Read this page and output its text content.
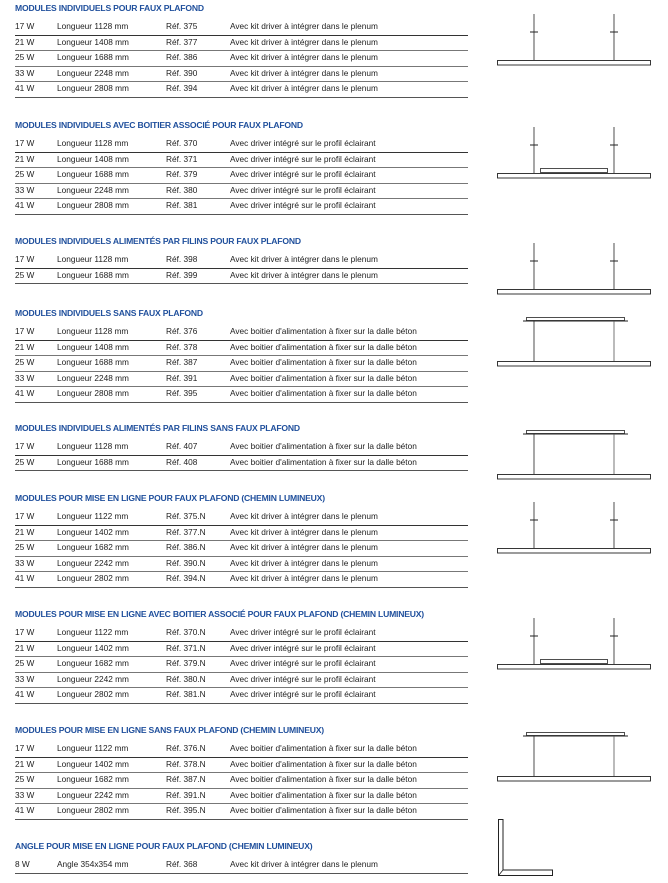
MODULES INDIVIDUELS POUR FAUX PLAFOND
17 W	Longueur 1128 mm	Réf. 375	Avec kit driver à intégrer dans le plenum
21 W	Longueur 1408 mm	Réf. 377	Avec kit driver à intégrer dans le plenum
25 W	Longueur 1688 mm	Réf. 386	Avec kit driver à intégrer dans le plenum
33 W	Longueur 2248 mm	Réf. 390	Avec kit driver à intégrer dans le plenum
41 W	Longueur 2808 mm	Réf. 394	Avec kit driver à intégrer dans le plenum
MODULES INDIVIDUELS AVEC BOITIER ASSOCIÉ POUR FAUX PLAFOND
17 W	Longueur 1128 mm	Réf. 370	Avec driver intégré sur le profil éclairant
21 W	Longueur 1408 mm	Réf. 371	Avec driver intégré sur le profil éclairant
25 W	Longueur 1688 mm	Réf. 379	Avec driver intégré sur le profil éclairant
33 W	Longueur 2248 mm	Réf. 380	Avec driver intégré sur le profil éclairant
41 W	Longueur 2808 mm	Réf. 381	Avec driver intégré sur le profil éclairant
MODULES INDIVIDUELS ALIMENTÉS PAR FILINS POUR FAUX PLAFOND
17 W	Longueur 1128 mm	Réf. 398	Avec kit driver à intégrer dans le plenum
25 W	Longueur 1688 mm	Réf. 399	Avec kit driver à intégrer dans le plenum
MODULES INDIVIDUELS SANS FAUX PLAFOND
17 W	Longueur 1128 mm	Réf. 376	Avec boitier d'alimentation à fixer sur la dalle béton
21 W	Longueur 1408 mm	Réf. 378	Avec boitier d'alimentation à fixer sur la dalle béton
25 W	Longueur 1688 mm	Réf. 387	Avec boitier d'alimentation à fixer sur la dalle béton
33 W	Longueur 2248 mm	Réf. 391	Avec boitier d'alimentation à fixer sur la dalle béton
41 W	Longueur 2808 mm	Réf. 395	Avec boitier d'alimentation à fixer sur la dalle béton
MODULES INDIVIDUELS ALIMENTÉS PAR FILINS SANS FAUX PLAFOND
17 W	Longueur 1128 mm	Réf. 407	Avec boitier d'alimentation à fixer sur la dalle béton
25 W	Longueur 1688 mm	Réf. 408	Avec boitier d'alimentation à fixer sur la dalle béton
MODULES POUR MISE EN LIGNE POUR FAUX PLAFOND (CHEMIN LUMINEUX)
17 W	Longueur 1122 mm	Réf. 375.N	Avec kit driver à intégrer dans le plenum
21 W	Longueur 1402 mm	Réf. 377.N	Avec kit driver à intégrer dans le plenum
25 W	Longueur 1682 mm	Réf. 386.N	Avec kit driver à intégrer dans le plenum
33 W	Longueur 2242 mm	Réf. 390.N	Avec kit driver à intégrer dans le plenum
41 W	Longueur 2802 mm	Réf. 394.N	Avec kit driver à intégrer dans le plenum
MODULES POUR MISE EN LIGNE AVEC BOITIER ASSOCIÉ POUR FAUX PLAFOND (CHEMIN LUMINEUX)
17 W	Longueur 1122 mm	Réf. 370.N	Avec driver intégré sur le profil éclairant
21 W	Longueur 1402 mm	Réf. 371.N	Avec driver intégré sur le profil éclairant
25 W	Longueur 1682 mm	Réf. 379.N	Avec driver intégré sur le profil éclairant
33 W	Longueur 2242 mm	Réf. 380.N	Avec driver intégré sur le profil éclairant
41 W	Longueur 2802 mm	Réf. 381.N	Avec driver intégré sur le profil éclairant
MODULES POUR MISE EN LIGNE SANS FAUX PLAFOND (CHEMIN LUMINEUX)
17 W	Longueur 1122 mm	Réf. 376.N	Avec boitier d'alimentation à fixer sur la dalle béton
21 W	Longueur 1402 mm	Réf. 378.N	Avec boitier d'alimentation à fixer sur la dalle béton
25 W	Longueur 1682 mm	Réf. 387.N	Avec boitier d'alimentation à fixer sur la dalle béton
33 W	Longueur 2242 mm	Réf. 391.N	Avec boitier d'alimentation à fixer sur la dalle béton
41 W	Longueur 2802 mm	Réf. 395.N	Avec boitier d'alimentation à fixer sur la dalle béton
ANGLE POUR MISE EN LIGNE POUR FAUX PLAFOND (CHEMIN LUMINEUX)
8 W	Angle 354x354 mm	Réf. 368	Avec kit driver à intégrer dans le plenum
